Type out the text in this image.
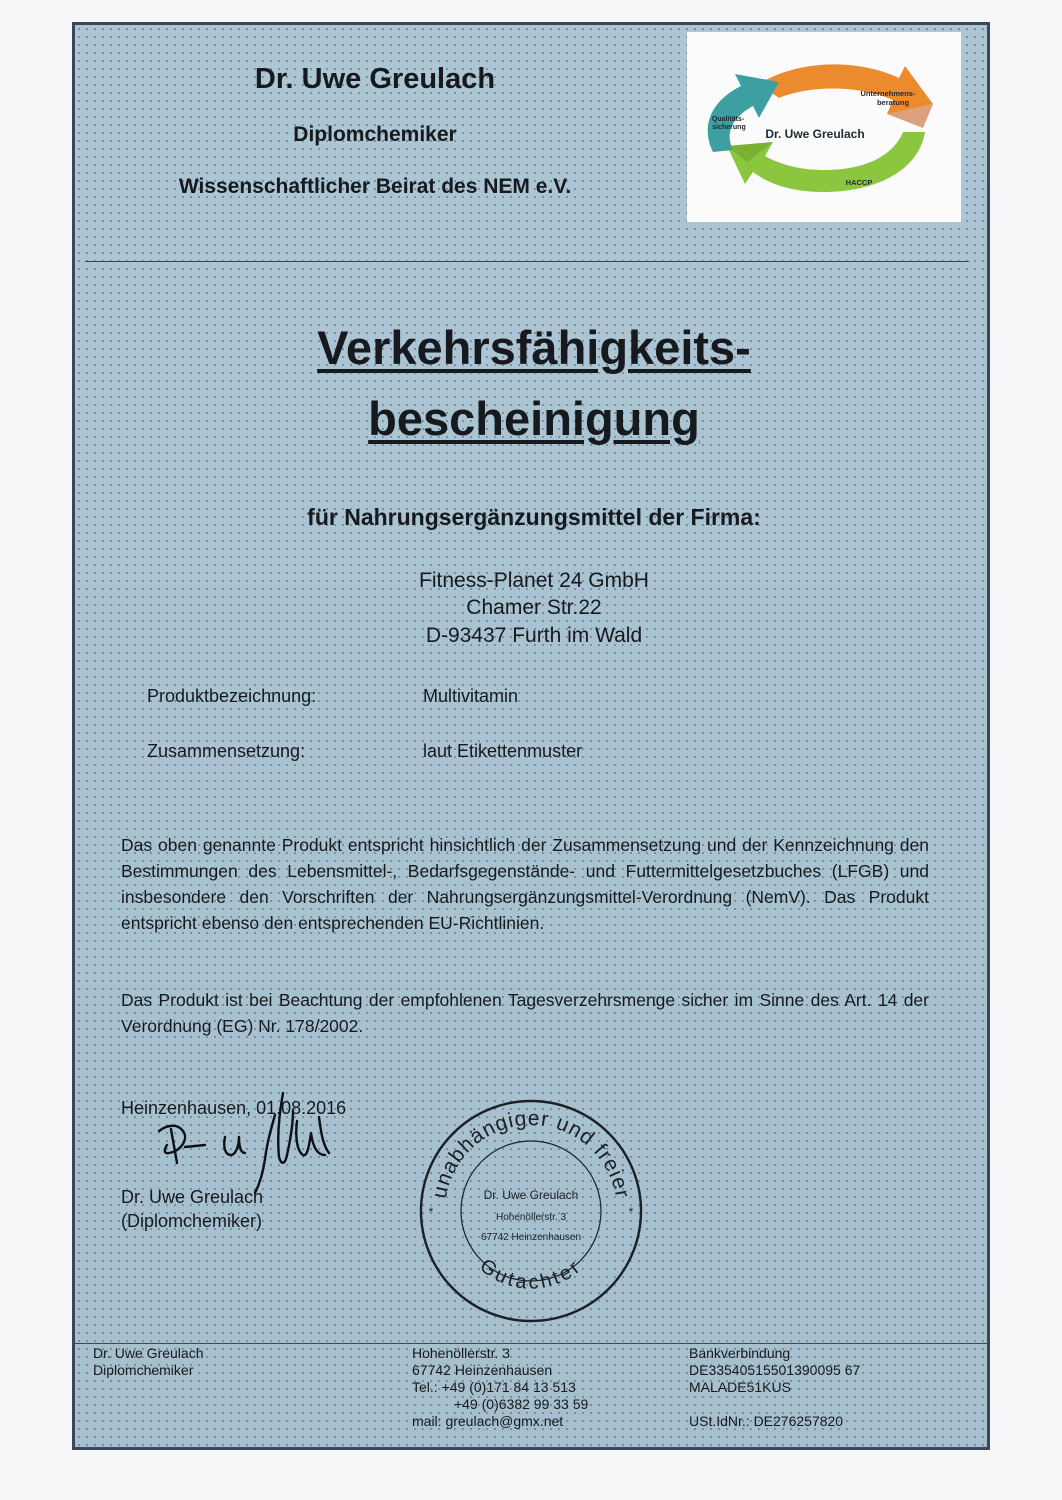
Dr. Uwe Greulach
Diplomchemiker
Wissenschaftlicher Beirat des NEM e.V.
Dr. Uwe Greulach
Unternehmens- beratung
Qualitäts- sicherung
HACCP
Verkehrsfähigkeits-
bescheinigung
für Nahrungsergänzungsmittel der Firma:
Fitness-Planet 24 GmbH
Chamer Str.22
D-93437 Furth im Wald
Produktbezeichnung:	Multivitamin
Zusammensetzung:	laut Etikettenmuster
Das oben genannte Produkt entspricht hinsichtlich der Zusammensetzung und der Kennzeichnung den Bestimmungen des Lebensmittel-, Bedarfsgegenstände- und Futtermittelgesetzbuches (LFGB) und insbesondere den Vorschriften der Nahrungsergänzungsmittel-Verordnung (NemV). Das Produkt entspricht ebenso den entsprechenden EU-Richtlinien.
Das Produkt ist bei Beachtung der empfohlenen Tagesverzehrsmenge sicher im Sinne des Art. 14 der Verordnung (EG) Nr. 178/2002.
Heinzenhausen, 01.08.2016
Dr. Uwe Greulach
(Diplomchemiker)
unabhängiger und freier
Gutachter
Dr. Uwe Greulach
Hohenöllerstr. 3
67742 Heinzenhausen
*	*
Dr. Uwe Greulach
Diplomchemiker
Hohenöllerstr. 3
67742 Heinzenhausen
Tel.: +49 (0)171 84 13 513
+49 (0)6382 99 33 59
mail: greulach@gmx.net
Bankverbindung
DE33540515501390095 67
MALADE51KUS

USt.IdNr.: DE276257820
